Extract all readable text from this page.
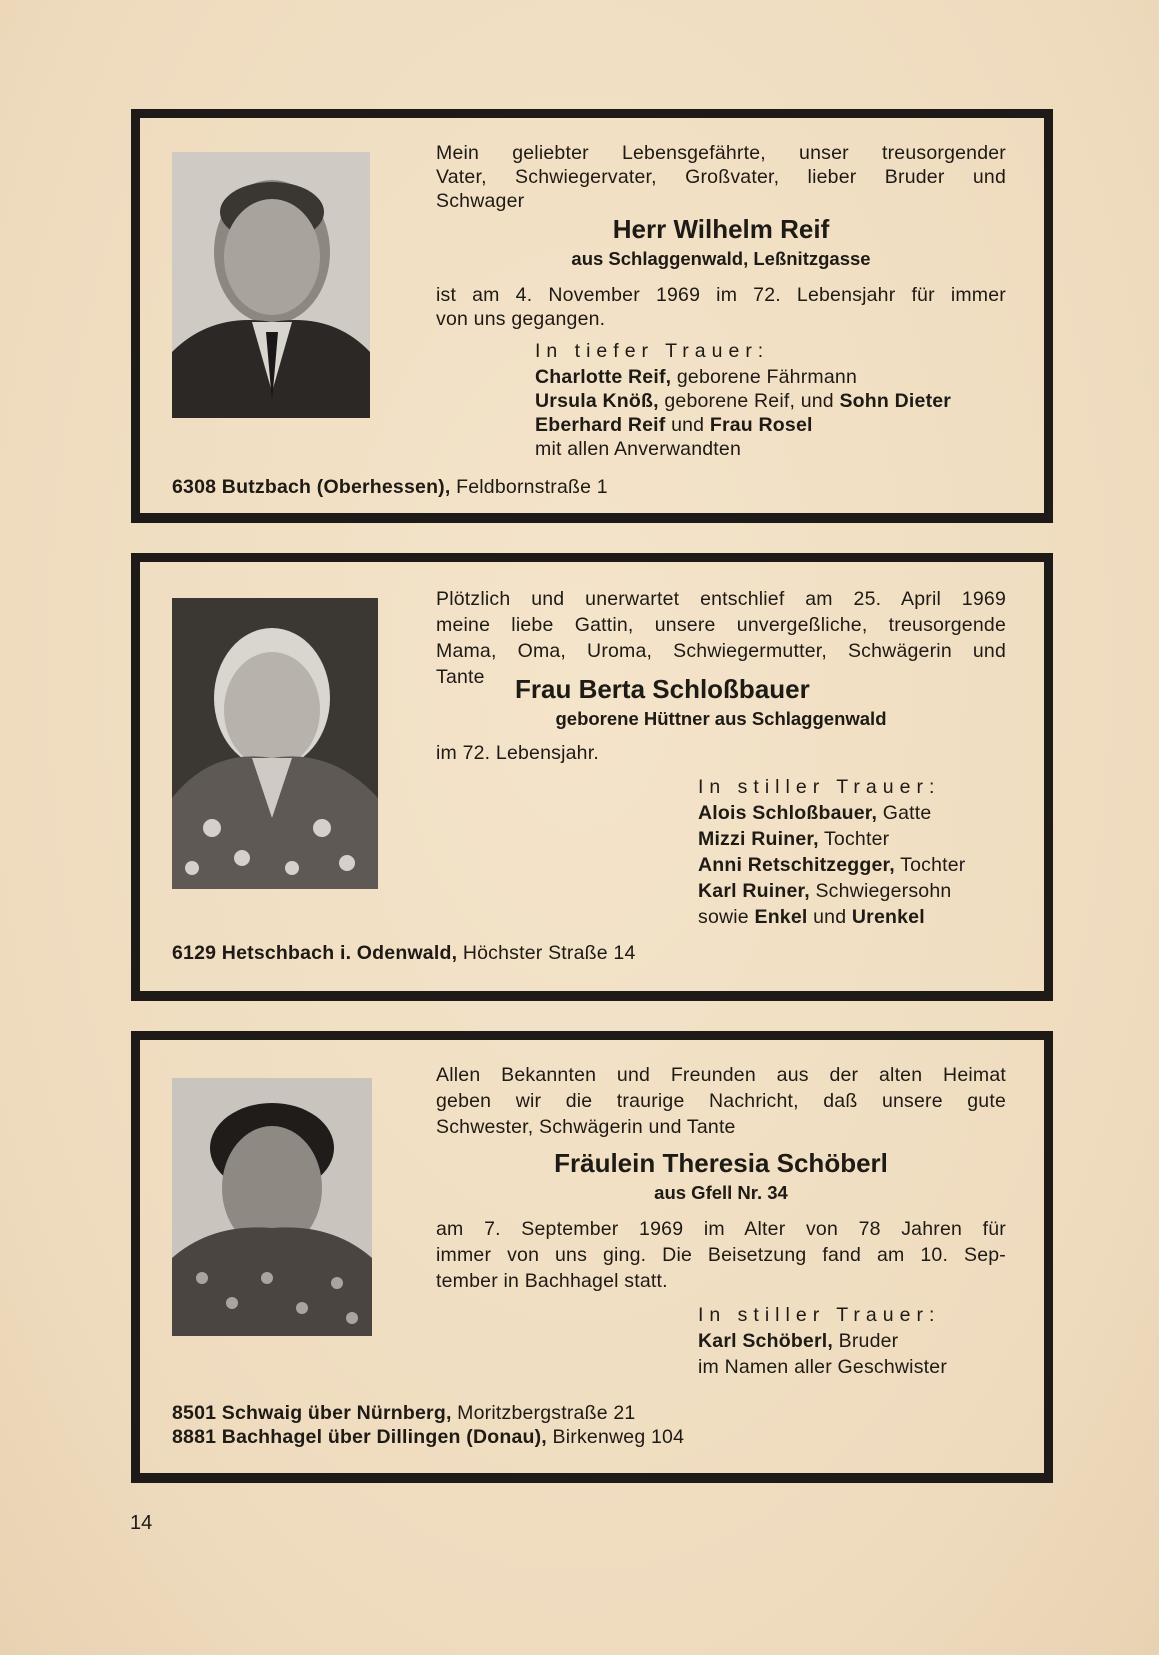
Mein geliebter Lebensgefährte, unser treusorgender
Vater, Schwiegervater, Großvater, lieber Bruder und
Schwager
Herr Wilhelm Reif
aus Schlaggenwald, Leßnitzgasse
ist am 4. November 1969 im 72. Lebensjahr für immer
von uns gegangen.
In tiefer Trauer:
Charlotte Reif, geborene Fährmann
Ursula Knöß, geborene Reif, und Sohn Dieter
Eberhard Reif und Frau Rosel
mit allen Anverwandten
6308 Butzbach (Oberhessen), Feldbornstraße 1
Plötzlich und unerwartet entschlief am 25. April 1969
meine liebe Gattin, unsere unvergeßliche, treusorgende
Mama, Oma, Uroma, Schwiegermutter, Schwägerin und
Tante Frau Berta Schloßbauer
geborene Hüttner aus Schlaggenwald
im 72. Lebensjahr.
In stiller Trauer:
Alois Schloßbauer, Gatte
Mizzi Ruiner, Tochter
Anni Retschitzegger, Tochter
Karl Ruiner, Schwiegersohn
sowie Enkel und Urenkel
6129 Hetschbach i. Odenwald, Höchster Straße 14
Allen Bekannten und Freunden aus der alten Heimat
geben wir die traurige Nachricht, daß unsere gute
Schwester, Schwägerin und Tante
Fräulein Theresia Schöberl
aus Gfell Nr. 34
am 7. September 1969 im Alter von 78 Jahren für
immer von uns ging. Die Beisetzung fand am 10. Sep-
tember in Bachhagel statt.
In stiller Trauer:
Karl Schöberl, Bruder
im Namen aller Geschwister
8501 Schwaig über Nürnberg, Moritzbergstraße 21
8881 Bachhagel über Dillingen (Donau), Birkenweg 104
14
